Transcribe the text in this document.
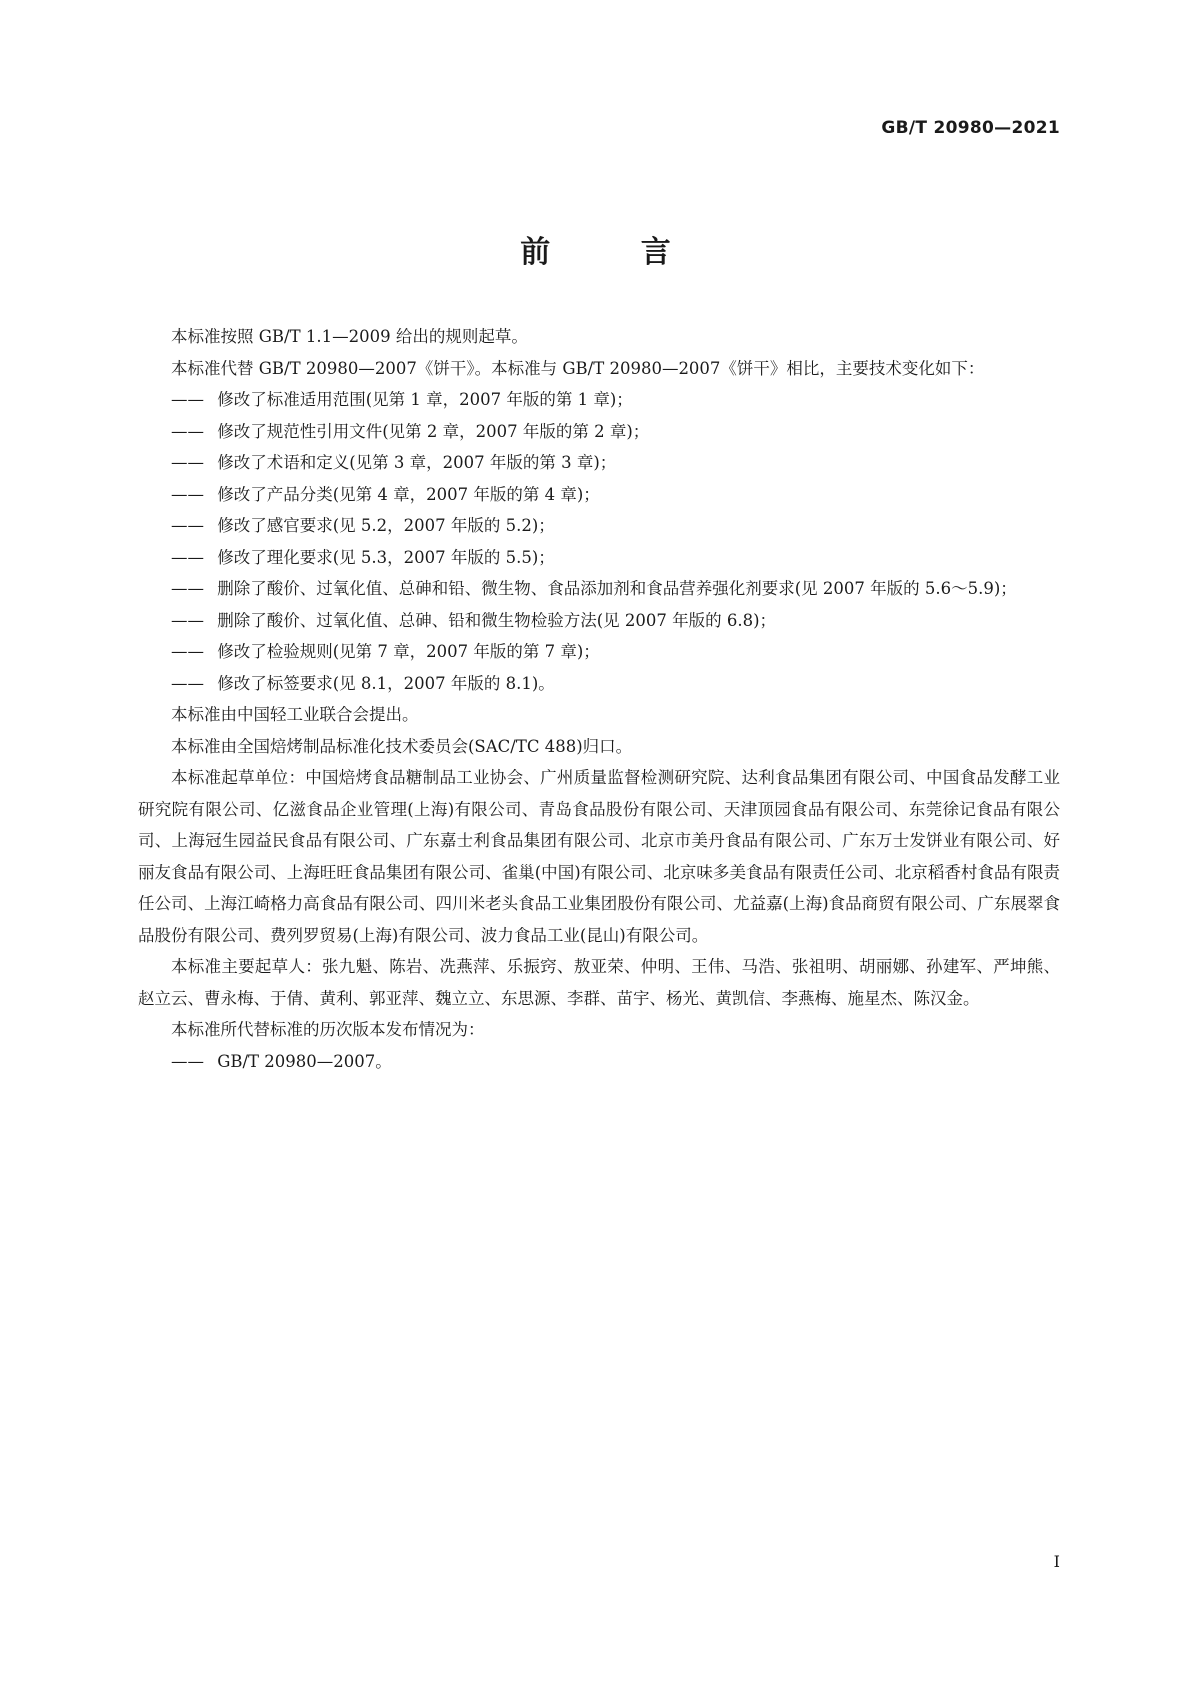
GB/T 20980—2021
前 言

本标准按照 GB/T 1.1—2009 给出的规则起草。

本标准代替 GB/T 20980—2007《饼干》。本标准与 GB/T 20980—2007《饼干》相比，主要技术变化如下：

—— 修改了标准适用范围(见第 1 章，2007 年版的第 1 章)；

—— 修改了规范性引用文件(见第 2 章，2007 年版的第 2 章)；

—— 修改了术语和定义(见第 3 章，2007 年版的第 3 章)；

—— 修改了产品分类(见第 4 章，2007 年版的第 4 章)；

—— 修改了感官要求(见 5.2，2007 年版的 5.2)；

—— 修改了理化要求(见 5.3，2007 年版的 5.5)；

—— 删除了酸价、过氧化值、总砷和铅、微生物、食品添加剂和食品营养强化剂要求(见 2007 年版的 5.6～5.9)；

—— 删除了酸价、过氧化值、总砷、铅和微生物检验方法(见 2007 年版的 6.8)；

—— 修改了检验规则(见第 7 章，2007 年版的第 7 章)；

—— 修改了标签要求(见 8.1，2007 年版的 8.1)。

本标准由中国轻工业联合会提出。

本标准由全国焙烤制品标准化技术委员会(SAC/TC 488)归口。

本标准起草单位：中国焙烤食品糖制品工业协会、广州质量监督检测研究院、达利食品集团有限公司、中国食品发酵工业研究院有限公司、亿滋食品企业管理(上海)有限公司、青岛食品股份有限公司、天津顶园食品有限公司、东莞徐记食品有限公司、上海冠生园益民食品有限公司、广东嘉士利食品集团有限公司、北京市美丹食品有限公司、广东万士发饼业有限公司、好丽友食品有限公司、上海旺旺食品集团有限公司、雀巢(中国)有限公司、北京味多美食品有限责任公司、北京稻香村食品有限责任公司、上海江崎格力高食品有限公司、四川米老头食品工业集团股份有限公司、尤益嘉(上海)食品商贸有限公司、广东展翠食品股份有限公司、费列罗贸易(上海)有限公司、波力食品工业(昆山)有限公司。

本标准主要起草人：张九魁、陈岩、冼燕萍、乐振窍、敖亚荣、仲明、王伟、马浩、张祖明、胡丽娜、孙建军、严坤熊、赵立云、曹永梅、于倩、黄利、郭亚萍、魏立立、东思源、李群、苗宇、杨光、黄凯信、李燕梅、施星杰、陈汉金。

本标准所代替标准的历次版本发布情况为：

—— GB/T 20980—2007。

I
